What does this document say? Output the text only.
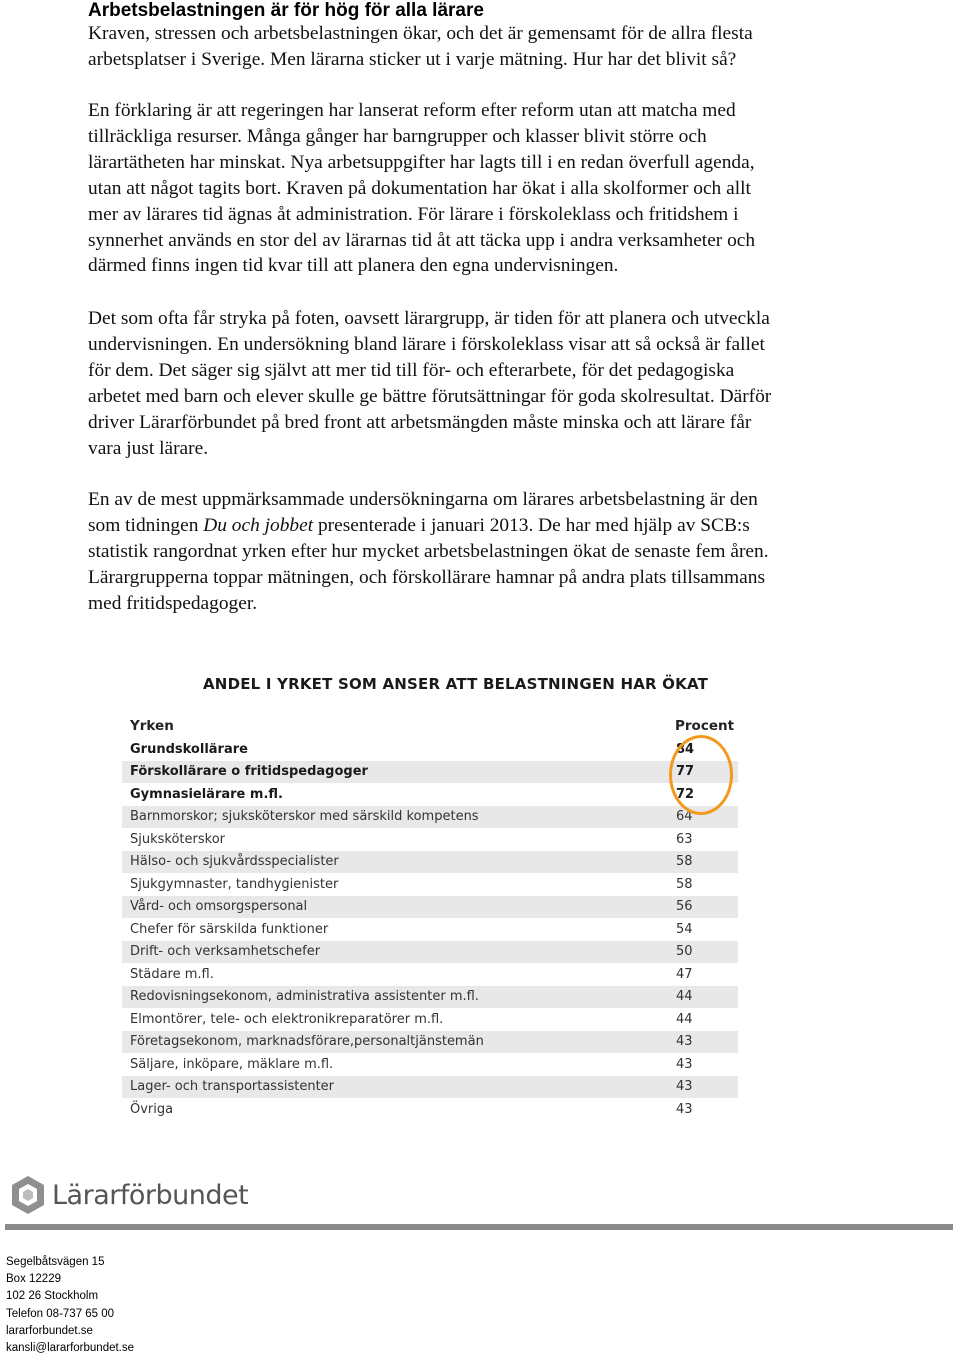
Arbetsbelastningen är för hög för alla lärare

Kraven, stressen och arbetsbelastningen ökar, och det är gemensamt för de allra flesta
arbetsplatser i Sverige. Men lärarna sticker ut i varje mätning. Hur har det blivit så?

En förklaring är att regeringen har lanserat reform efter reform utan att matcha med
tillräckliga resurser. Många gånger har barngrupper och klasser blivit större och
lärartätheten har minskat. Nya arbetsuppgifter har lagts till i en redan överfull agenda,
utan att något tagits bort. Kraven på dokumentation har ökat i alla skolformer och allt
mer av lärares tid ägnas åt administration. För lärare i förskoleklass och fritidshem i
synnerhet används en stor del av lärarnas tid åt att täcka upp i andra verksamheter och
därmed finns ingen tid kvar till att planera den egna undervisningen.

Det som ofta får stryka på foten, oavsett lärargrupp, är tiden för att planera och utveckla
undervisningen. En undersökning bland lärare i förskoleklass visar att så också är fallet
för dem. Det säger sig självt att mer tid till för- och efterarbete, för det pedagogiska
arbetet med barn och elever skulle ge bättre förutsättningar för goda skolresultat. Därför
driver Lärarförbundet på bred front att arbetsmängden måste minska och att lärare får
vara just lärare.

En av de mest uppmärksammade undersökningarna om lärares arbetsbelastning är den
som tidningen Du och jobbet presenterade i januari 2013. De har med hjälp av SCB:s
statistik rangordnat yrken efter hur mycket arbetsbelastningen ökat de senaste fem åren.
Lärargrupperna toppar mätningen, och förskollärare hamnar på andra plats tillsammans
med fritidspedagoger.

ANDEL I YRKET SOM ANSER ATT BELASTNINGEN HAR ÖKAT
Yrken	Procent
Grundskollärare	84
Förskollärare o fritidspedagoger	77
Gymnasielärare m.fl.	72
Barnmorskor; sjuksköterskor med särskild kompetens	64
Sjuksköterskor	63
Hälso- och sjukvårdsspecialister	58
Sjukgymnaster, tandhygienister	58
Vård- och omsorgspersonal	56
Chefer för särskilda funktioner	54
Drift- och verksamhetschefer	50
Städare m.fl.	47
Redovisningsekonom, administrativa assistenter m.fl.	44
Elmontörer, tele- och elektronikreparatörer m.fl.	44
Företagsekonom, marknadsförare,personaltjänstemän	43
Säljare, inköpare, mäklare m.fl.	43
Lager- och transportassistenter	43
Övriga	43
Lärarförbundet
Segelbåtsvägen 15
Box 12229
102 26 Stockholm
Telefon 08-737 65 00
lararforbundet.se
kansli@lararforbundet.se
